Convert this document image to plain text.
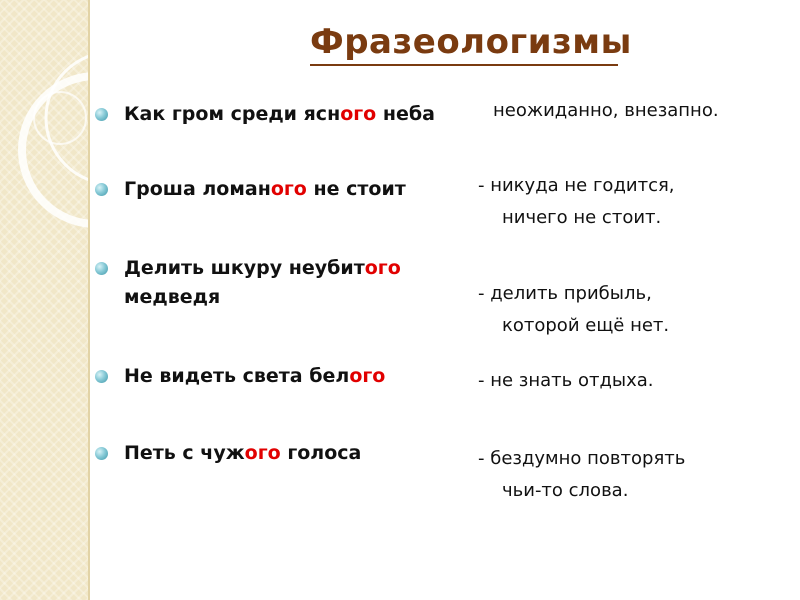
Фразеологизмы
Как гром среди ясного неба	неожиданно, внезапно.
Гроша ломаного не стоит	- никуда не годится,
ничего не стоит.
Делить шкуру неубитого
медведя	- делить прибыль,
которой ещё нет.
Не видеть света белого	- не знать отдыха.
Петь с чужого голоса	- бездумно повторять
чьи-то слова.
